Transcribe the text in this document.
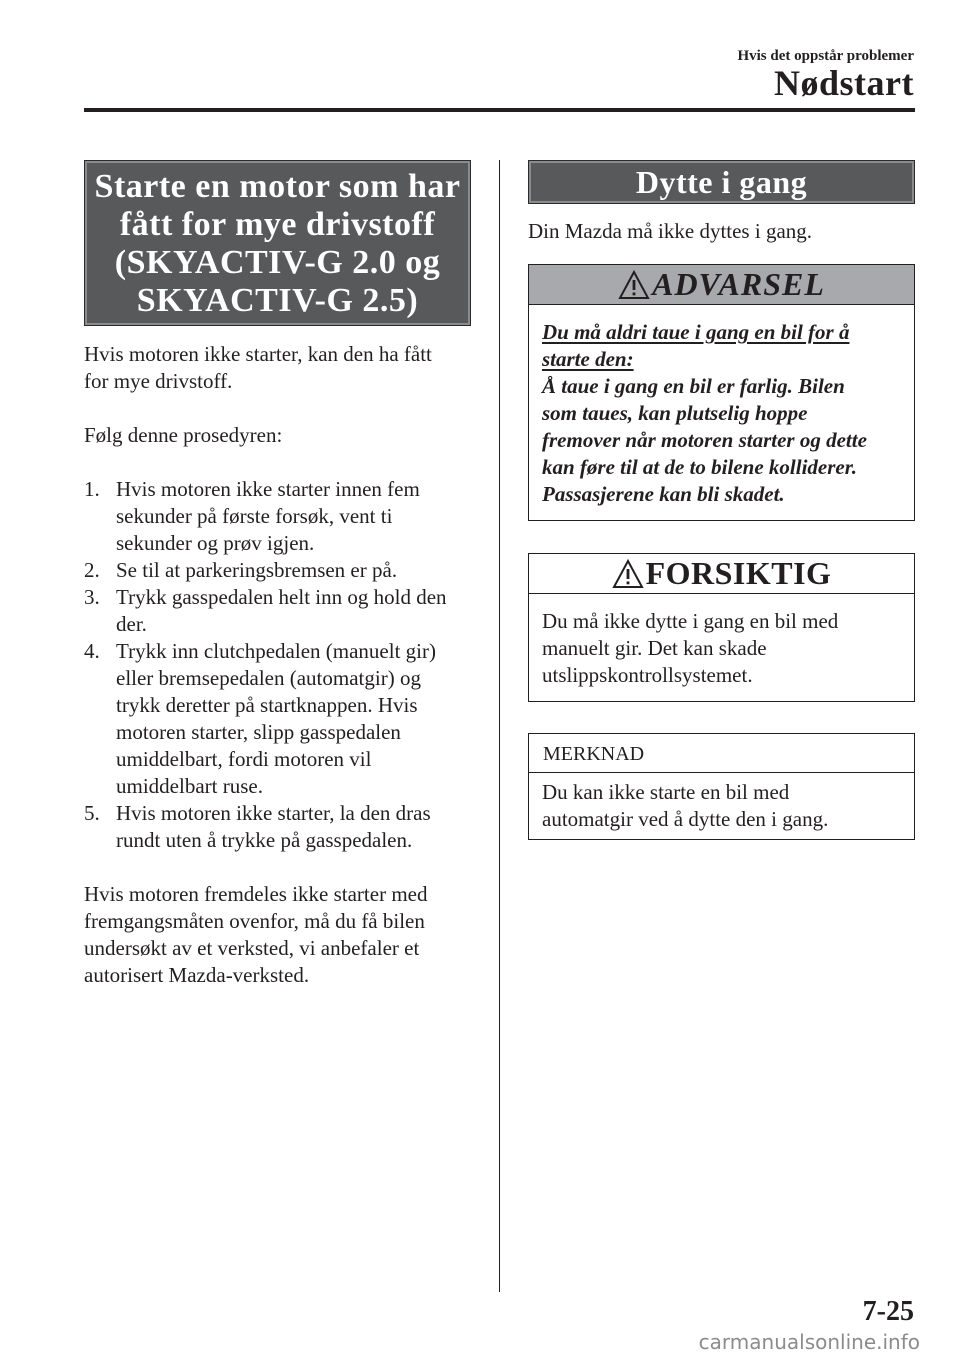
Hvis det oppstår problemer
Nødstart
Starte en motor som har
fått for mye drivstoff
(SKYACTIV-G 2.0 og
SKYACTIV-G 2.5)
Hvis motoren ikke starter, kan den ha fått
for mye drivstoff.
Følg denne prosedyren:
1. Hvis motoren ikke starter innen fem
sekunder på første forsøk, vent ti
sekunder og prøv igjen.
2. Se til at parkeringsbremsen er på.
3. Trykk gasspedalen helt inn og hold den
der.
4. Trykk inn clutchpedalen (manuelt gir)
eller bremsepedalen (automatgir) og
trykk deretter på startknappen. Hvis
motoren starter, slipp gasspedalen
umiddelbart, fordi motoren vil
umiddelbart ruse.
5. Hvis motoren ikke starter, la den dras
rundt uten å trykke på gasspedalen.
Hvis motoren fremdeles ikke starter med
fremgangsmåten ovenfor, må du få bilen
undersøkt av et verksted, vi anbefaler et
autorisert Mazda-verksted.
Dytte i gang
Din Mazda må ikke dyttes i gang.
ADVARSEL
Du må aldri taue i gang en bil for å
starte den:
Å taue i gang en bil er farlig. Bilen
som taues, kan plutselig hoppe
fremover når motoren starter og dette
kan føre til at de to bilene kolliderer.
Passasjerene kan bli skadet.
FORSIKTIG
Du må ikke dytte i gang en bil med
manuelt gir. Det kan skade
utslippskontrollsystemet.
MERKNAD
Du kan ikke starte en bil med
automatgir ved å dytte den i gang.
7-25
carmanualsonline.info
